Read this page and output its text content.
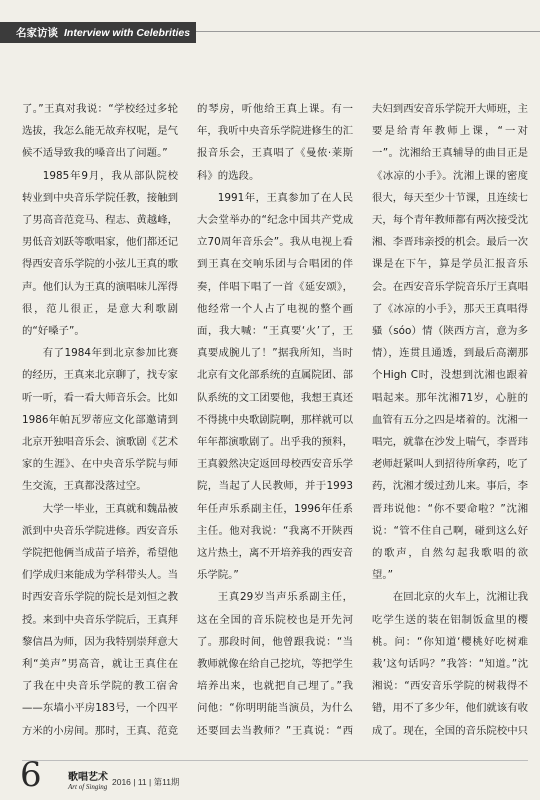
名家访谈 Interview with Celebrities

了。”王真对我说：“学校经过多轮选拔，我怎么能无故弃权呢，是气候不适导致我的嗓音出了问题。”

1985年9月，我从部队院校转业到中央音乐学院任教，接触到了男高音范竞马、程志、黄越峰，男低音刘跃等歌唱家，他们都还记得西安音乐学院的小弦儿王真的歌声。他们认为王真的演唱味儿浑得很，范儿很正，是意大利歌剧的“好嗓子”。

有了1984年到北京参加比赛的经历，王真来北京聊了，找专家听一听，看一看大师音乐会。比如1986年帕瓦罗蒂应文化部邀请到北京开独唱音乐会、演歌剧《艺术家的生涯》、在中央音乐学院与师生交流，王真都没落过空。

大学一毕业，王真就和魏晶被派到中央音乐学院进修。西安音乐学院把他俩当成苗子培养，希望他们学成归来能成为学科带头人。当时西安音乐学院的院长是刘恒之教授。来到中央音乐学院后，王真拜黎信昌为师，因为我特别崇拜意大利“美声”男高音，就让王真住在了我在中央音乐学院的教工宿舍——东墙小平房183号，一个四平方米的小房间。那时，王真、范竞

的琴房，听他给王真上课。有一年，我听中央音乐学院进修生的汇报音乐会，王真唱了《曼侬·莱斯科》的选段。

1991年，王真参加了在人民大会堂举办的“纪念中国共产党成立70周年音乐会”。我从电视上看到王真在交响乐团与合唱团的伴奏，伴唱下唱了一首《延安颂》，他经常一个人占了电视的整个画面，我大喊：“王真要‘火’了，王真要成腕儿了！”据我所知，当时北京有文化部系统的直属院团、部队系统的文工团要他，我想王真还不得挑中央歌剧院啊，那样就可以年年都演歌剧了。出乎我的预料，王真毅然决定返回母校西安音乐学院，当起了人民教师，并于1993年任声乐系副主任，1996年任系主任。他对我说：“我离不开陕西这片热土，离不开培养我的西安音乐学院。”

王真29岁当声乐系副主任，这在全国的音乐院校也是开先河了。那段时间，他曾跟我说：“当教师就像在给自己挖坑，等把学生培养出来，也就把自己埋了。”我问他：“你明明能当演员，为什么还要回去当教师？”王真说：“西

夫妇到西安音乐学院开大师班，主要是给青年教师上课，“一对一”。沈湘给王真辅导的曲目正是《冰凉的小手》。沈湘上课的密度很大，每天至少十节课，且连续七天，每个青年教师都有两次接受沈湘、李晋玮亲授的机会。最后一次课是在下午，算是学员汇报音乐会。在西安音乐学院音乐厅王真唱了《冰凉的小手》，那天王真唱得骚（sóo）情（陕西方言，意为多情），连贯且通透，到最后高潮那个High C时，没想到沈湘也跟着唱起来。那年沈湘71岁，心脏的血管有五分之四是堵着的。沈湘一唱完，就靠在沙发上喘气，李晋玮老师赶紧叫人到招待所拿药，吃了药，沈湘才缓过劲儿来。事后，李晋玮说他：“你不要命啦？”沈湘说：“管不住自己啊，碰到这么好的歌声，自然勾起我歌唱的欲望。”

在回北京的火车上，沈湘让我吃学生送的装在铝制饭盒里的樱桃。问：“你知道‘樱桃好吃树难栽’这句话吗？”我答：“知道。”沈湘说：“西安音乐学院的树栽得不错，用不了多少年，他们就该有收成了。现在，全国的音乐院校中只

6	歌唱艺术
Art of Singing 2016 | 11 | 第11期
